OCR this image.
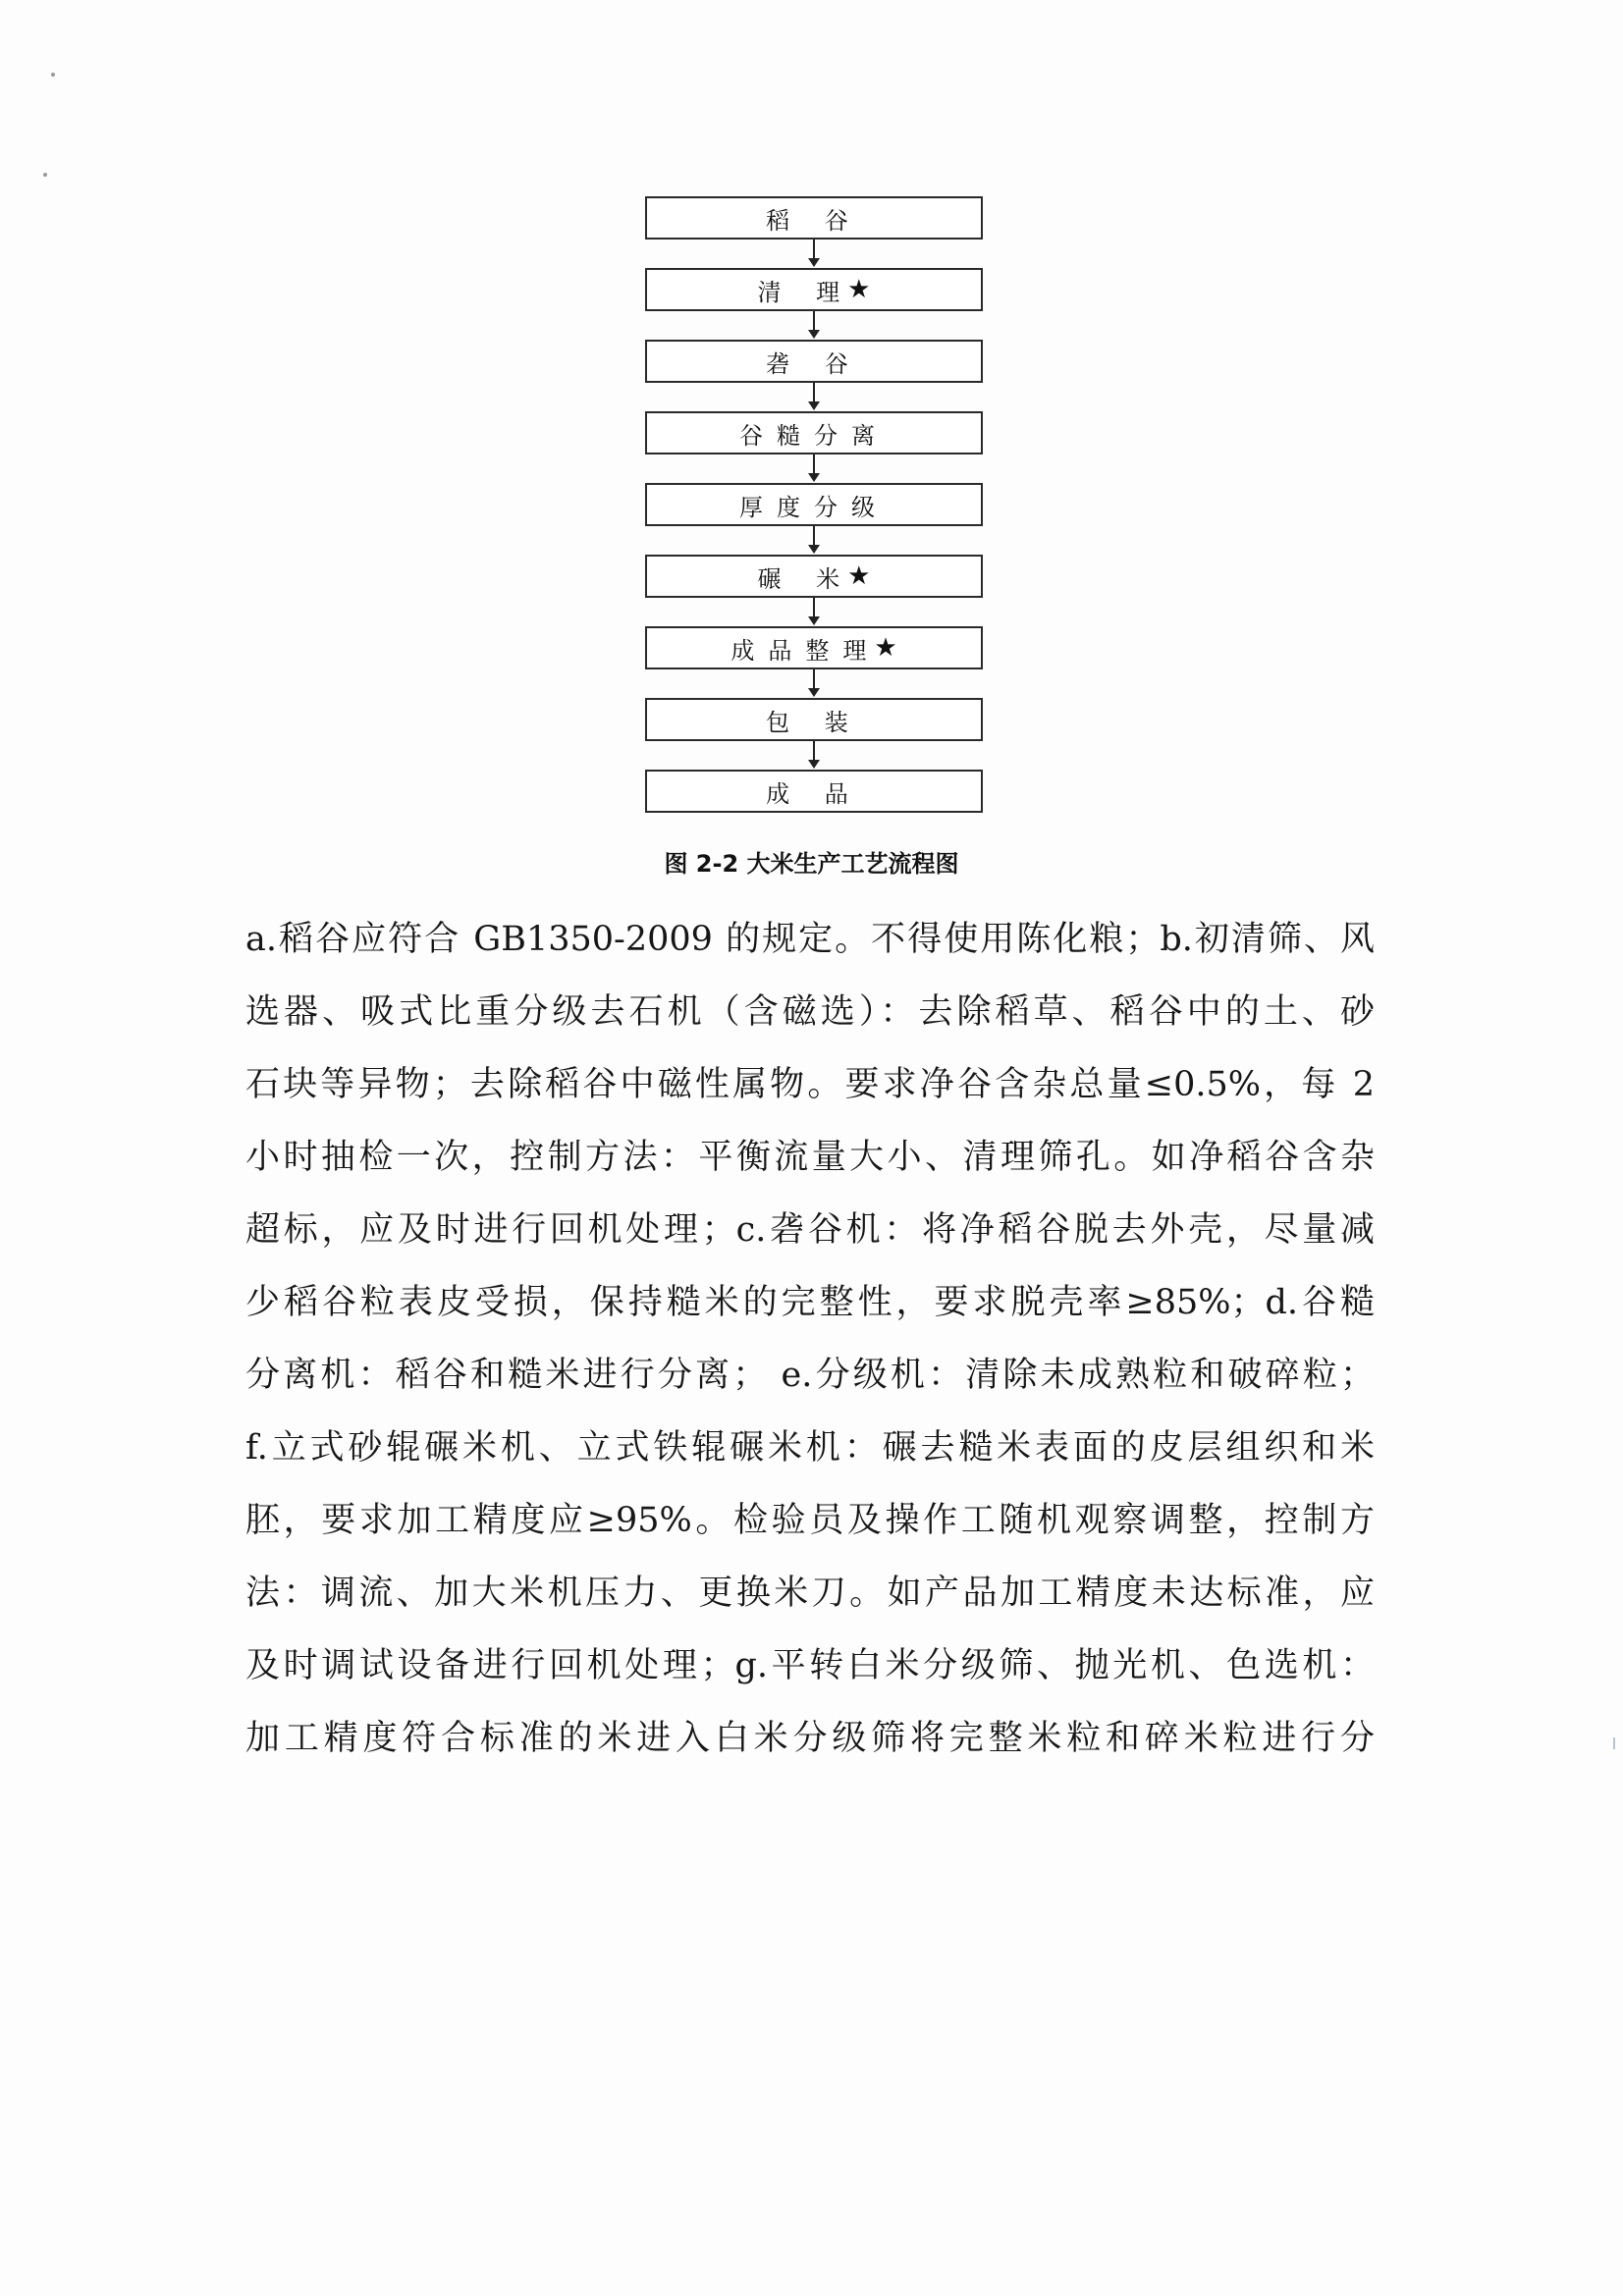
稻 谷
清 理
★
砻 谷
谷糙分离
厚度分级
碾 米
★
成品整理
★
包 装
成 品
图 2-2 大米生产工艺流程图
a.稻谷应符合 GB1350-2009 的规定。不得使用陈化粮；b.初清筛、风
选器、吸式比重分级去石机（含磁选）：去除稻草、稻谷中的土、砂
石块等异物；去除稻谷中磁性属物。要求净谷含杂总量≤0.5%，每 2
小时抽检一次，控制方法：平衡流量大小、清理筛孔。如净稻谷含杂
超标，应及时进行回机处理；c.砻谷机：将净稻谷脱去外壳，尽量减
少稻谷粒表皮受损，保持糙米的完整性，要求脱壳率≥85%；d.谷糙
分离机：稻谷和糙米进行分离； e.分级机：清除未成熟粒和破碎粒；
f.立式砂辊碾米机、立式铁辊碾米机：碾去糙米表面的皮层组织和米
胚，要求加工精度应≥95%。检验员及操作工随机观察调整，控制方
法：调流、加大米机压力、更换米刀。如产品加工精度未达标准，应
及时调试设备进行回机处理；g.平转白米分级筛、抛光机、色选机：
加工精度符合标准的米进入白米分级筛将完整米粒和碎米粒进行分
